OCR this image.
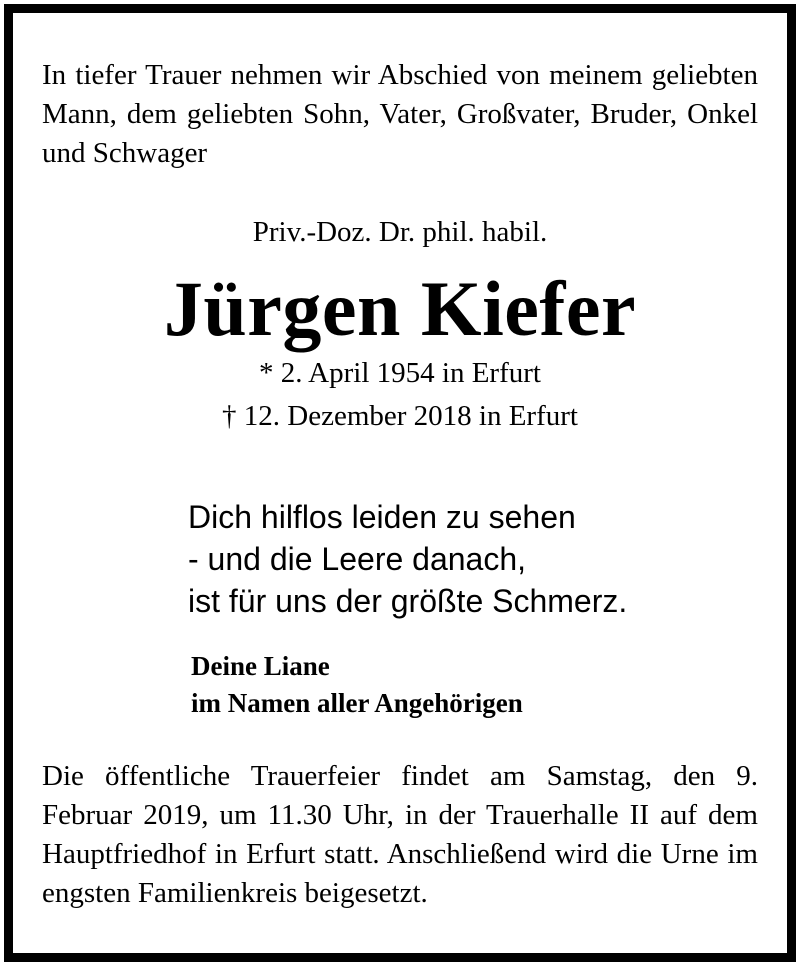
In tiefer Trauer nehmen wir Abschied von meinem geliebten Mann, dem geliebten Sohn, Vater, Großvater, Bruder, Onkel und Schwager

Priv.-Doz. Dr. phil. habil.

Jürgen Kiefer

* 2. April 1954 in Erfurt

† 12. Dezember 2018 in Erfurt

Dich hilflos leiden zu sehen
- und die Leere danach,
ist für uns der größte Schmerz.
Deine Liane
im Namen aller Angehörigen

Die öffentliche Trauerfeier findet am Samstag, den 9. Februar 2019, um 11.30 Uhr, in der Trauerhalle II auf dem Hauptfriedhof in Erfurt statt. Anschließend wird die Urne im engsten Familienkreis beigesetzt.
